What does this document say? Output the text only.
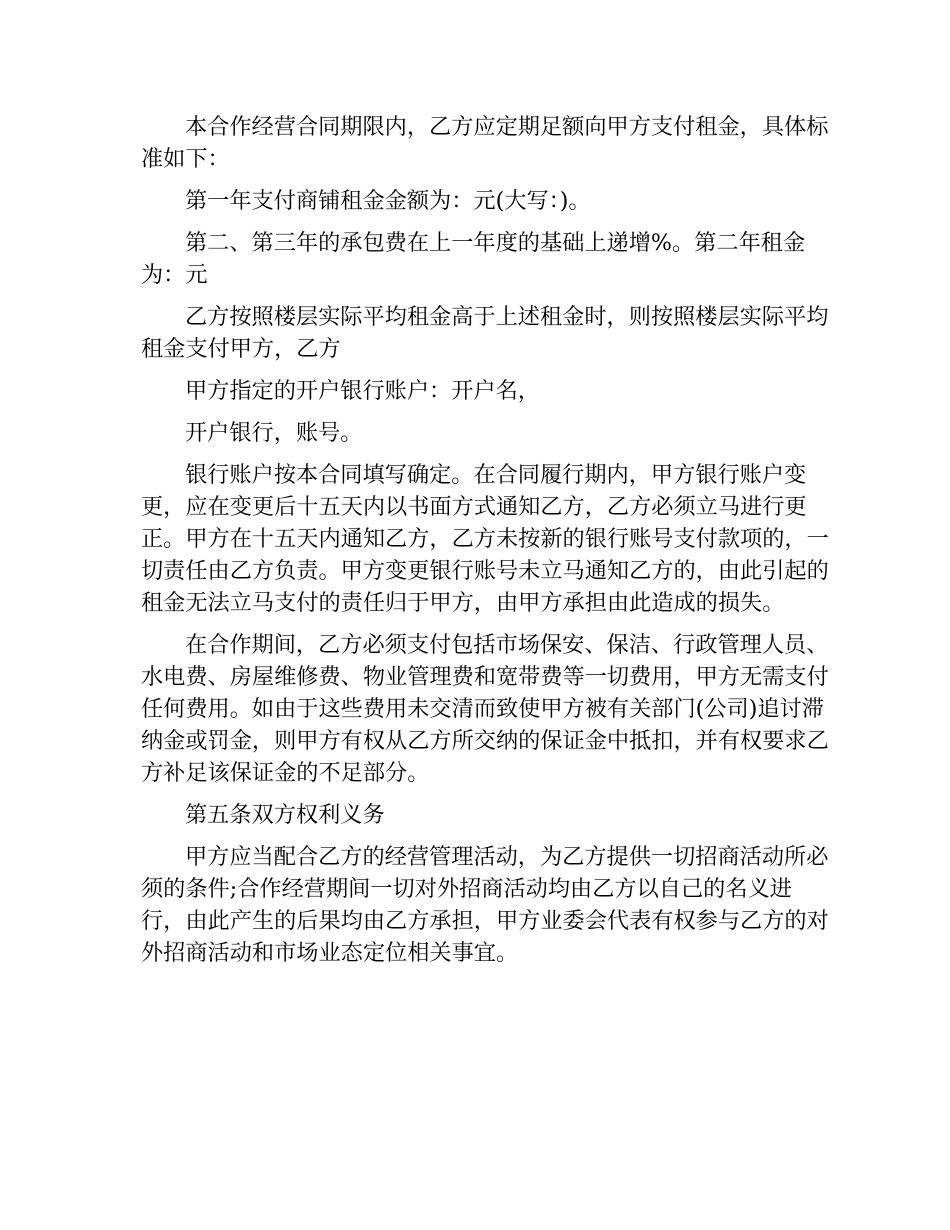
本合作经营合同期限内，乙方应定期足额向甲方支付租金，具体标准如下：

第一年支付商铺租金金额为：元(大写：)。

第二、第三年的承包费在上一年度的基础上递增%。第二年租金为：元

乙方按照楼层实际平均租金高于上述租金时，则按照楼层实际平均租金支付甲方，乙方

甲方指定的开户银行账户：开户名，

开户银行，账号。

银行账户按本合同填写确定。在合同履行期内，甲方银行账户变更，应在变更后十五天内以书面方式通知乙方，乙方必须立马进行更正。甲方在十五天内通知乙方，乙方未按新的银行账号支付款项的，一切责任由乙方负责。甲方变更银行账号未立马通知乙方的，由此引起的租金无法立马支付的责任归于甲方，由甲方承担由此造成的损失。

在合作期间，乙方必须支付包括市场保安、保洁、行政管理人员、水电费、房屋维修费、物业管理费和宽带费等一切费用，甲方无需支付任何费用。如由于这些费用未交清而致使甲方被有关部门(公司)追讨滞纳金或罚金，则甲方有权从乙方所交纳的保证金中抵扣，并有权要求乙方补足该保证金的不足部分。

第五条双方权利义务

甲方应当配合乙方的经营管理活动，为乙方提供一切招商活动所必须的条件;合作经营期间一切对外招商活动均由乙方以自己的名义进行，由此产生的后果均由乙方承担，甲方业委会代表有权参与乙方的对外招商活动和市场业态定位相关事宜。
